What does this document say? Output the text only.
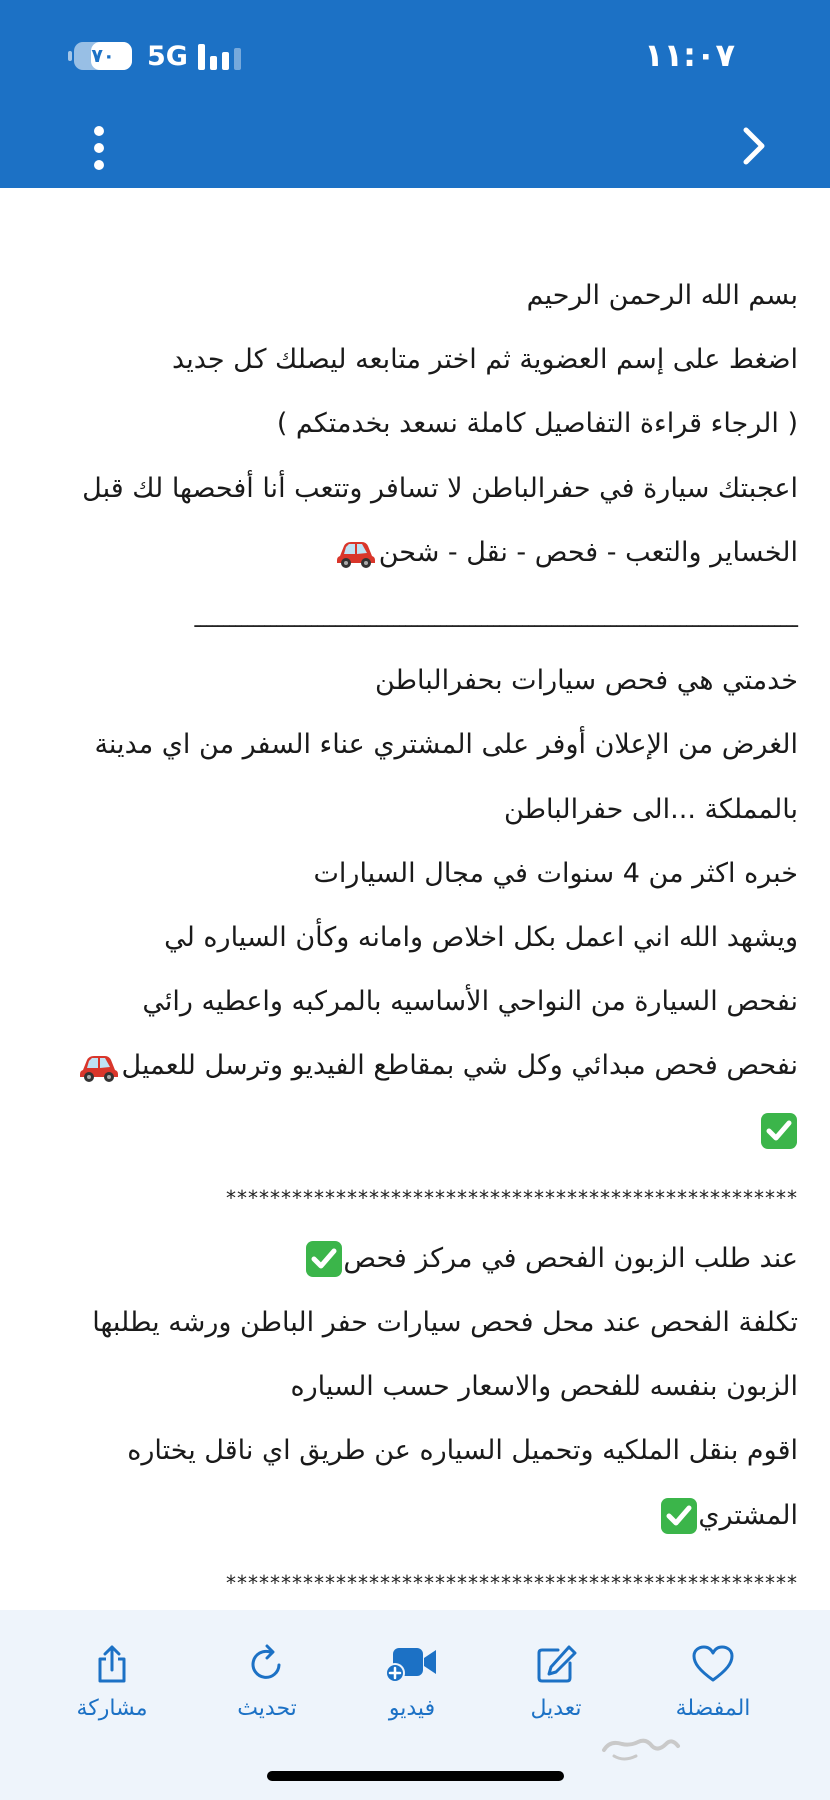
٧٠	5G	١١:٠٧
بسم الله الرحمن الرحيم
اضغط على إسم العضوية ثم اختر متابعه ليصلك كل جديد
( الرجاء قراءة التفاصيل كاملة نسعد بخدمتكم )
اعجبتك سيارة في حفرالباطن لا تسافر وتتعب أنا أفحصها لك قبل
الخساير والتعب - فحص - نقل - شحن
ـــــــــــــــــــــــــــــــــــــــــــــــــــــــــــــــــــــــــــــــــــــــــــــــــــــــ
خدمتي هي فحص سيارات بحفرالباطن
الغرض من الإعلان أوفر على المشتري عناء السفر من اي مدينة
بالمملكة ...الى حفرالباطن
خبره اكثر من 4 سنوات في مجال السيارات
ويشهد الله اني اعمل بكل اخلاص وامانه وكأن السياره لي
نفحص السيارة من النواحي الأساسيه بالمركبه واعطيه رائي
نفحص فحص مبدائي وكل شي بمقاطع الفيديو وترسل للعميل
****************************************************
عند طلب الزبون الفحص في مركز فحص
تكلفة الفحص عند محل فحص سيارات حفر الباطن ورشه يطلبها
الزبون بنفسه للفحص والاسعار حسب السياره
اقوم بنقل الملكيه وتحميل السياره عن طريق اي ناقل يختاره
المشتري
****************************************************
المفضلة
تعديل
فيديو
تحديث
مشاركة
